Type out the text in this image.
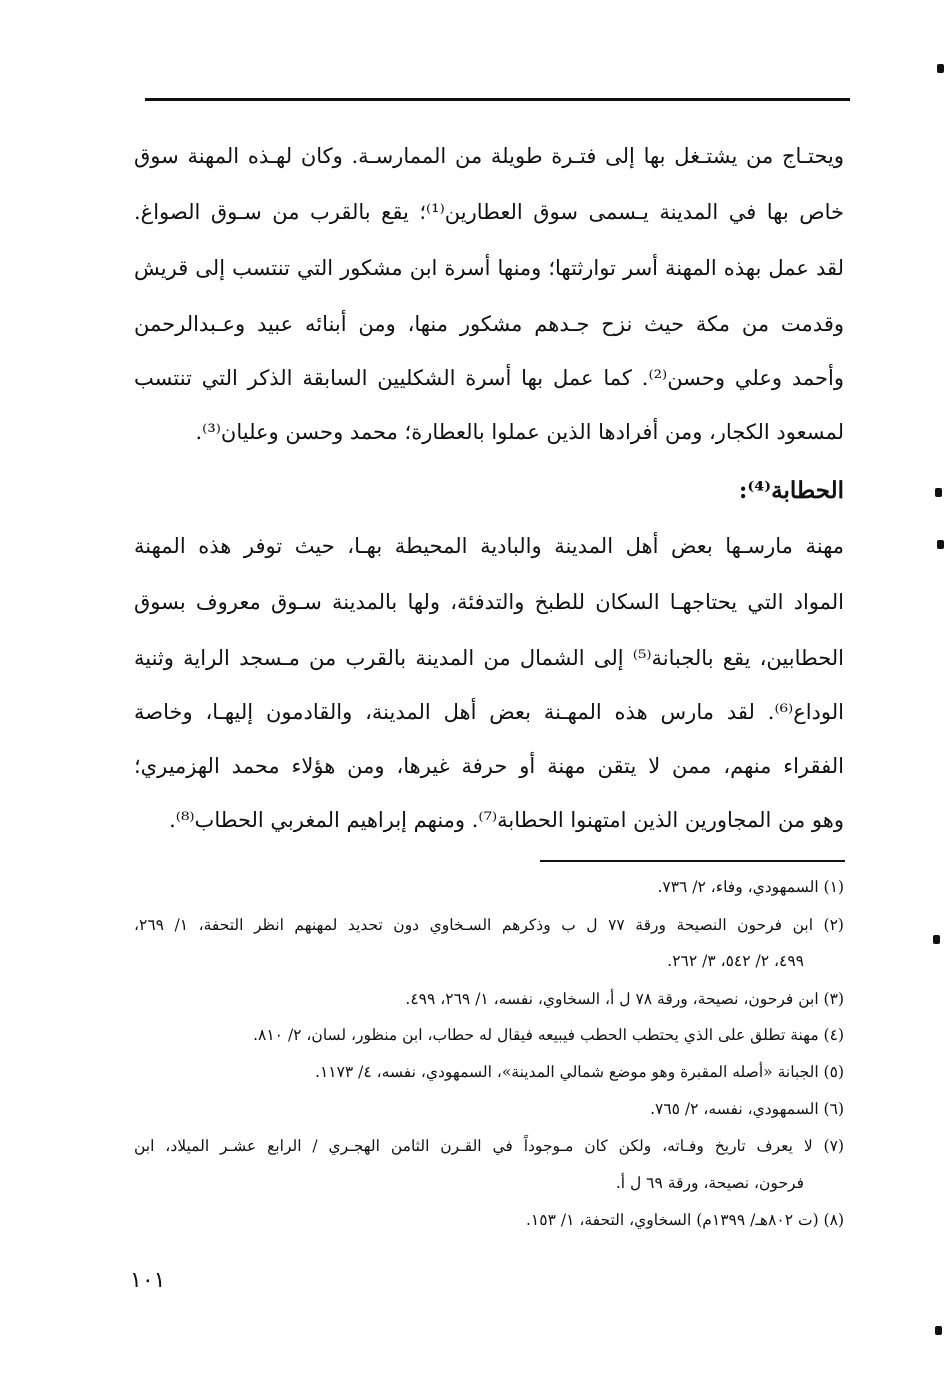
ويحتـاج من يشتـغل بها إلى فتـرة طويلة من الممارسـة. وكان لهـذه المهنة سوق
خاص بها في المدينة يـسمى سوق العطارين⁽¹⁾؛ يقع بالقرب من سـوق الصواغ.
لقد عمل بهذه المهنة أسر توارثتها؛ ومنها أسرة ابن مشكور التي تنتسب إلى قريش
وقدمت من مكة حيث نزح جـدهم مشكور منها، ومن أبنائه عبيد وعـبدالرحمن
وأحمد وعلي وحسن⁽²⁾. كما عمل بها أسرة الشكليين السابقة الذكر التي تنتسب
لمسعود الكجار، ومن أفرادها الذين عملوا بالعطارة؛ محمد وحسن وعليان⁽³⁾.
الحطابة⁽⁴⁾:
مهنة مارسـها بعض أهل المدينة والبادية المحيطة بهـا، حيث توفر هذه المهنة
المواد التي يحتاجهـا السكان للطبخ والتدفئة، ولها بالمدينة سـوق معروف بسوق
الحطابين، يقع بالجبانة⁽⁵⁾ إلى الشمال من المدينة بالقرب من مـسجد الراية وثنية
الوداع⁽⁶⁾. لقد مارس هذه المهـنة بعض أهل المدينة، والقادمون إليهـا، وخاصة
الفقراء منهم، ممن لا يتقن مهنة أو حرفة غيرها، ومن هؤلاء محمد الهزميري؛
وهو من المجاورين الذين امتهنوا الحطابة⁽⁷⁾. ومنهم إبراهيم المغربي الحطاب⁽⁸⁾.
(١) السمهودي، وفاء، ٢/ ٧٣٦.
(٢) ابن فرحون النصيحة ورقة ٧٧ ل ب وذكرهم السـخاوي دون تحديد لمهنهم انظر التحفة، ١/ ٢٦٩،
٤٩٩، ٢/ ٥٤٢، ٣/ ٢٦٢.
(٣) ابن فرحون، نصيحة، ورقة ٧٨ ل أ، السخاوي، نفسه، ١/ ٢٦٩، ٤٩٩.
(٤) مهنة تطلق على الذي يحتطب الحطب فيبيعه فيقال له حطاب، ابن منظور، لسان، ٢/ ٨١٠.
(٥) الجبانة «أصله المقبرة وهو موضع شمالي المدينة»، السمهودي، نفسه، ٤/ ١١٧٣.
(٦) السمهودي، نفسه، ٢/ ٧٦٥.
(٧) لا يعرف تاريخ وفـاته، ولكن كان مـوجوداً في القـرن الثامن الهجـري / الرابع عشـر الميلاد، ابن
فرحون، نصيحة، ورقة ٦٩ ل أ.
(٨) (ت ٨٠٢هـ/ ١٣٩٩م) السخاوي، التحفة، ١/ ١٥٣.
١٠١
